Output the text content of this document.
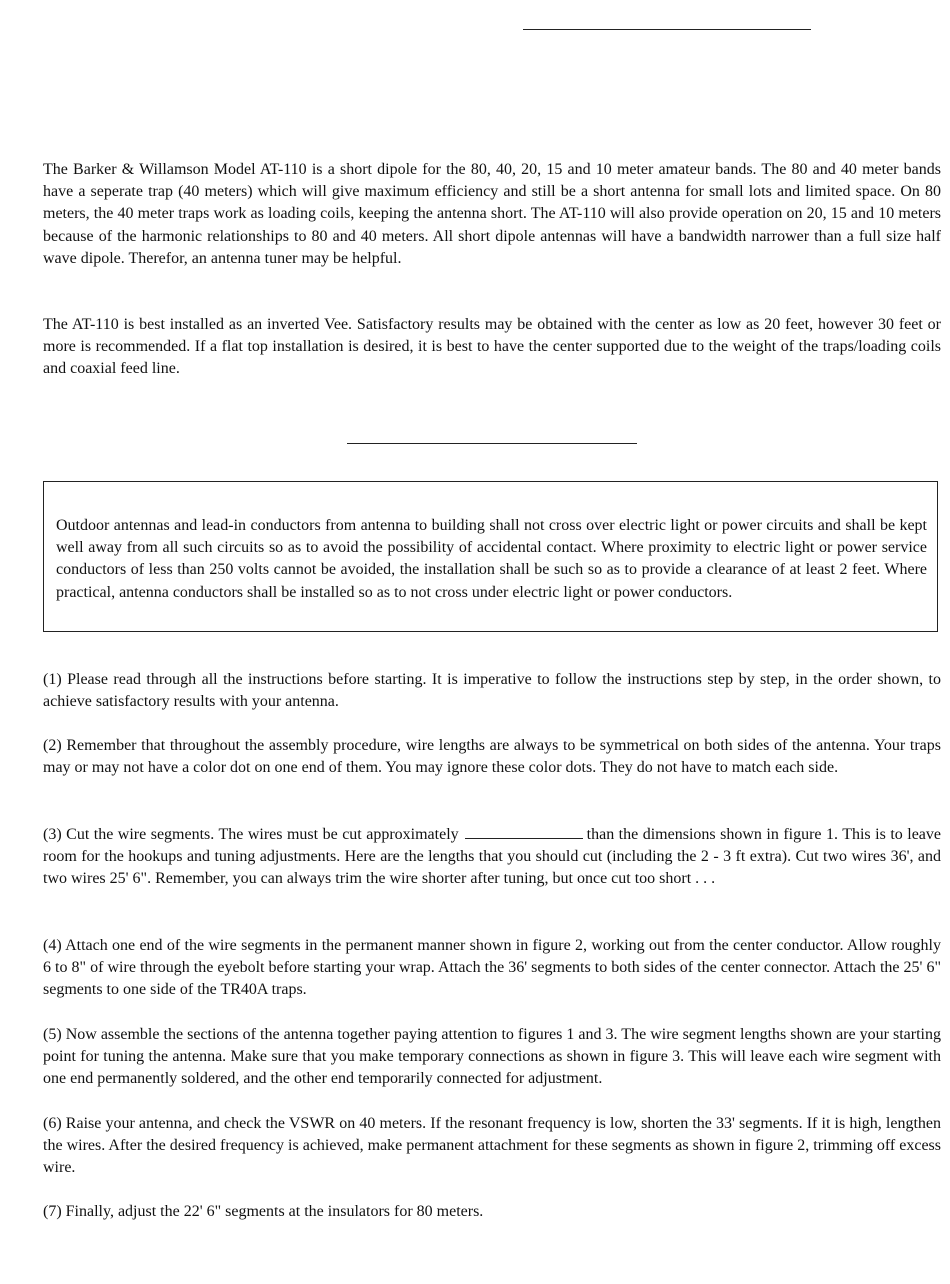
The Barker & Willamson Model AT-110 is a short dipole for the 80, 40, 20, 15 and 10 meter amateur bands. The 80 and 40 meter bands have a seperate trap (40 meters) which will give maximum efficiency and still be a short antenna for small lots and limited space. On 80 meters, the 40 meter traps work as loading coils, keeping the antenna short. The AT-110 will also provide operation on 20, 15 and 10 meters because of the harmonic relationships to 80 and 40 meters. All short dipole antennas will have a bandwidth narrower than a full size half wave dipole. Therefor, an antenna tuner may be helpful.

The AT-110 is best installed as an inverted Vee. Satisfactory results may be obtained with the center as low as 20 feet, however 30 feet or more is recommended. If a flat top installation is desired, it is best to have the center supported due to the weight of the traps/loading coils and coaxial feed line.

Outdoor antennas and lead-in conductors from antenna to building shall not cross over electric light or power circuits and shall be kept well away from all such circuits so as to avoid the possibility of accidental contact. Where proximity to electric light or power service conductors of less than 250 volts cannot be avoided, the installation shall be such so as to provide a clearance of at least 2 feet. Where practical, antenna conductors shall be installed so as to not cross under electric light or power conductors.

(1) Please read through all the instructions before starting. It is imperative to follow the instructions step by step, in the order shown, to achieve satisfactory results with your antenna.

(2) Remember that throughout the assembly procedure, wire lengths are always to be symmetrical on both sides of the antenna. Your traps may or may not have a color dot on one end of them. You may ignore these color dots. They do not have to match each side.

(3) Cut the wire segments. The wires must be cut approximately	than the dimensions shown in figure 1. This is to leave room for the hookups and tuning adjustments. Here are the lengths that you should cut (including the 2 - 3 ft extra). Cut two wires 36', and two wires 25' 6". Remember, you can always trim the wire shorter after tuning, but once cut too short . . .

(4) Attach one end of the wire segments in the permanent manner shown in figure 2, working out from the center conductor. Allow roughly 6 to 8" of wire through the eyebolt before starting your wrap. Attach the 36' segments to both sides of the center connector. Attach the 25' 6" segments to one side of the TR40A traps.

(5) Now assemble the sections of the antenna together paying attention to figures 1 and 3. The wire segment lengths shown are your starting point for tuning the antenna. Make sure that you make temporary connections as shown in figure 3. This will leave each wire segment with one end permanently soldered, and the other end temporarily connected for adjustment.

(6) Raise your antenna, and check the VSWR on 40 meters. If the resonant frequency is low, shorten the 33' segments. If it is high, lengthen the wires. After the desired frequency is achieved, make permanent attachment for these segments as shown in figure 2, trimming off excess wire.

(7) Finally, adjust the 22' 6" segments at the insulators for 80 meters.
